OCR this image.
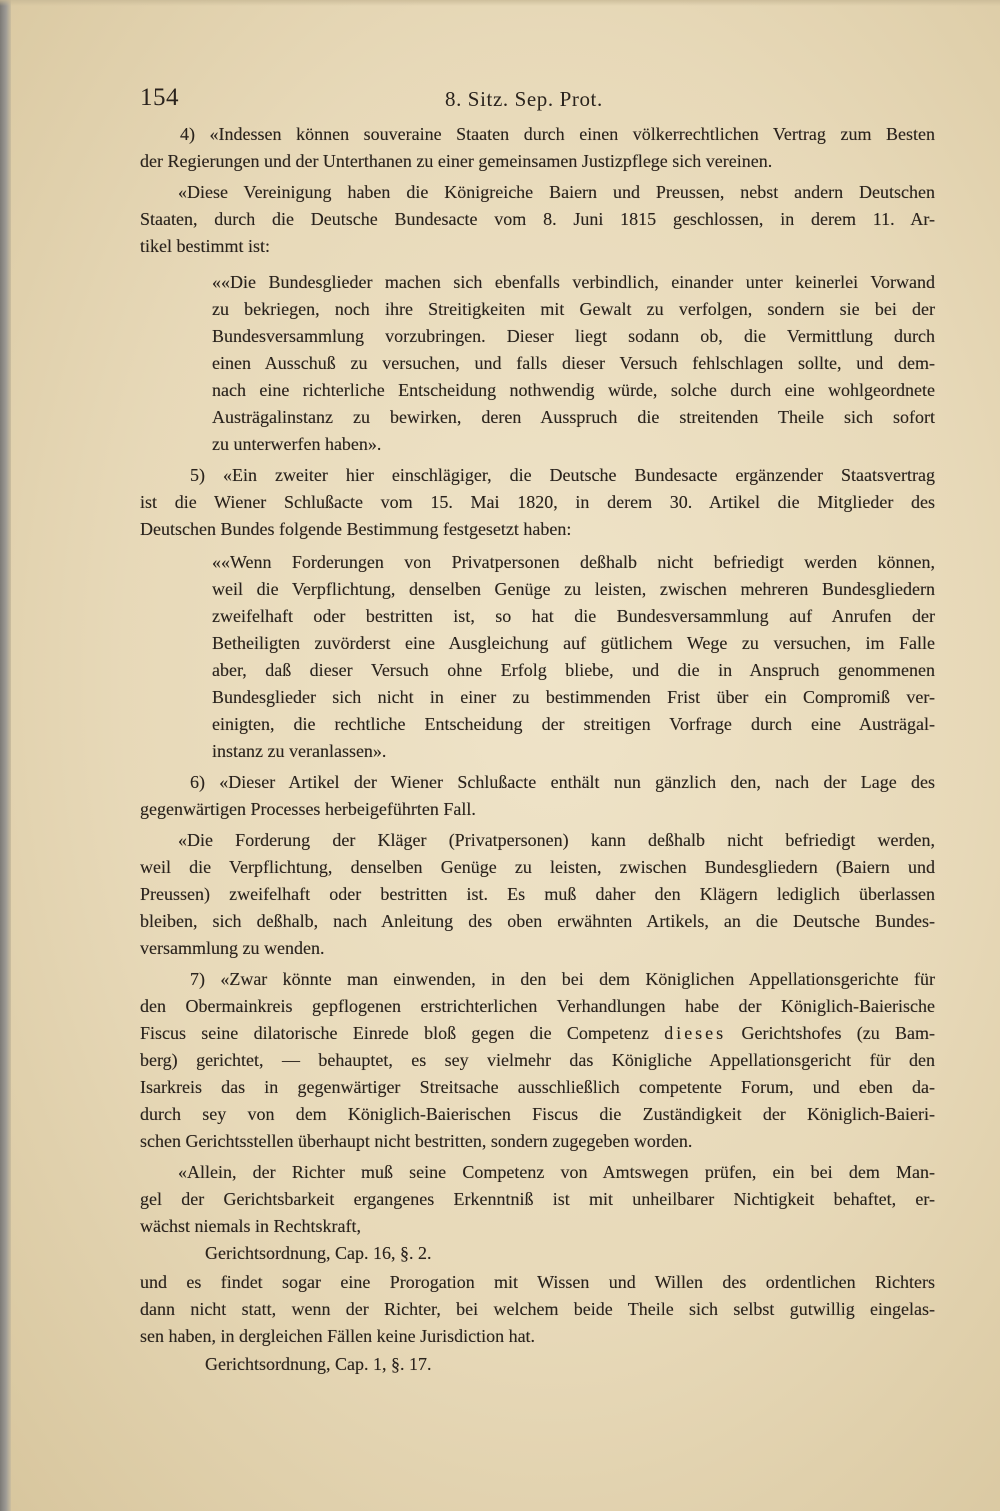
154	8. Sitz. Sep. Prot.
4) «Indessen können souveraine Staaten durch einen völkerrechtlichen Vertrag zum Besten
der Regierungen und der Unterthanen zu einer gemeinsamen Justizpflege sich vereinen.
«Diese Vereinigung haben die Königreiche Baiern und Preussen, nebst andern Deutschen
Staaten, durch die Deutsche Bundesacte vom 8. Juni 1815 geschlossen, in derem 11. Ar-
tikel bestimmt ist:
««Die Bundesglieder machen sich ebenfalls verbindlich, einander unter keinerlei Vorwand
zu bekriegen, noch ihre Streitigkeiten mit Gewalt zu verfolgen, sondern sie bei der
Bundesversammlung vorzubringen. Dieser liegt sodann ob, die Vermittlung durch
einen Ausschuß zu versuchen, und falls dieser Versuch fehlschlagen sollte, und dem-
nach eine richterliche Entscheidung nothwendig würde, solche durch eine wohlgeordnete
Austrägalinstanz zu bewirken, deren Ausspruch die streitenden Theile sich sofort
zu unterwerfen haben».
5) «Ein zweiter hier einschlägiger, die Deutsche Bundesacte ergänzender Staatsvertrag
ist die Wiener Schlußacte vom 15. Mai 1820, in derem 30. Artikel die Mitglieder des
Deutschen Bundes folgende Bestimmung festgesetzt haben:
««Wenn Forderungen von Privatpersonen deßhalb nicht befriedigt werden können,
weil die Verpflichtung, denselben Genüge zu leisten, zwischen mehreren Bundesgliedern
zweifelhaft oder bestritten ist, so hat die Bundesversammlung auf Anrufen der
Betheiligten zuvörderst eine Ausgleichung auf gütlichem Wege zu versuchen, im Falle
aber, daß dieser Versuch ohne Erfolg bliebe, und die in Anspruch genommenen
Bundesglieder sich nicht in einer zu bestimmenden Frist über ein Compromiß ver-
einigten, die rechtliche Entscheidung der streitigen Vorfrage durch eine Austrägal-
instanz zu veranlassen».
6) «Dieser Artikel der Wiener Schlußacte enthält nun gänzlich den, nach der Lage des
gegenwärtigen Processes herbeigeführten Fall.
«Die Forderung der Kläger (Privatpersonen) kann deßhalb nicht befriedigt werden,
weil die Verpflichtung, denselben Genüge zu leisten, zwischen Bundesgliedern (Baiern und
Preussen) zweifelhaft oder bestritten ist. Es muß daher den Klägern lediglich überlassen
bleiben, sich deßhalb, nach Anleitung des oben erwähnten Artikels, an die Deutsche Bundes-
versammlung zu wenden.
7) «Zwar könnte man einwenden, in den bei dem Königlichen Appellationsgerichte für
den Obermainkreis gepflogenen erstrichterlichen Verhandlungen habe der Königlich-Baierische
Fiscus seine dilatorische Einrede bloß gegen die Competenz dieses Gerichtshofes (zu Bam-
berg) gerichtet, — behauptet, es sey vielmehr das Königliche Appellationsgericht für den
Isarkreis das in gegenwärtiger Streitsache ausschließlich competente Forum, und eben da-
durch sey von dem Königlich-Baierischen Fiscus die Zuständigkeit der Königlich-Baieri-
schen Gerichtsstellen überhaupt nicht bestritten, sondern zugegeben worden.
«Allein, der Richter muß seine Competenz von Amtswegen prüfen, ein bei dem Man-
gel der Gerichtsbarkeit ergangenes Erkenntniß ist mit unheilbarer Nichtigkeit behaftet, er-
wächst niemals in Rechtskraft,
Gerichtsordnung, Cap. 16, §. 2.
und es findet sogar eine Prorogation mit Wissen und Willen des ordentlichen Richters
dann nicht statt, wenn der Richter, bei welchem beide Theile sich selbst gutwillig eingelas-
sen haben, in dergleichen Fällen keine Jurisdiction hat.
Gerichtsordnung, Cap. 1, §. 17.
